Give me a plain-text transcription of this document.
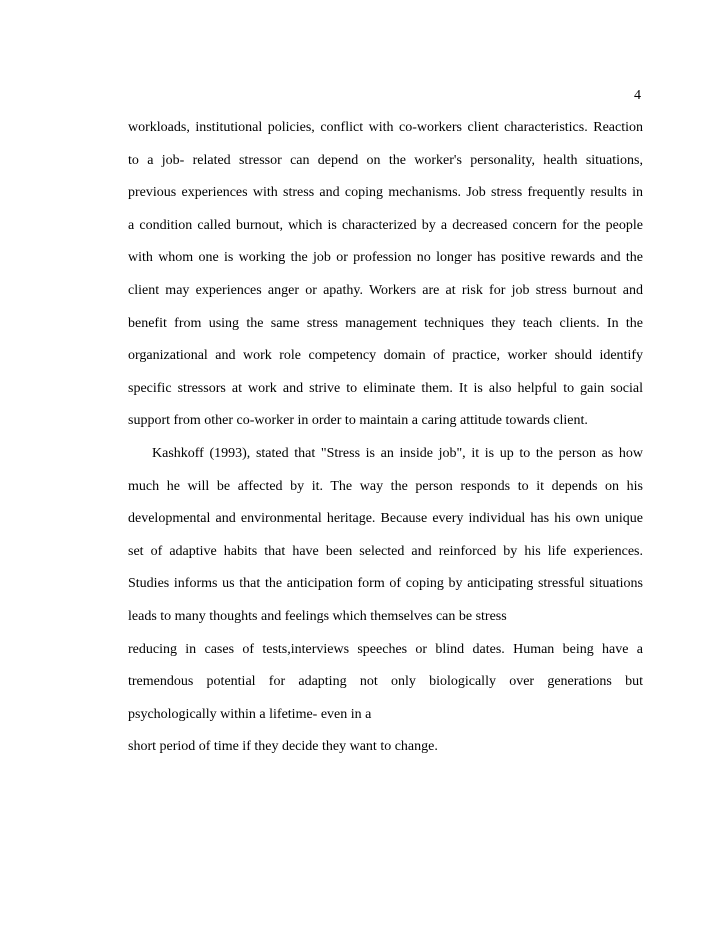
4
workloads, institutional policies, conflict with co-workers client characteristics. Reaction
to a job- related stressor can depend on the worker's personality, health situations,
previous experiences with stress and coping mechanisms. Job stress frequently results in
a condition called burnout, which is characterized by a decreased concern for the people
with whom one is working the job or profession no longer has positive rewards and the
client may experiences anger or apathy. Workers are at risk for job stress burnout and
benefit from using the same stress management techniques they teach clients. In the
organizational and work role competency domain of practice, worker should identify
specific stressors at work and strive to eliminate them. It is also helpful to gain social
support from other co-worker in order to maintain a caring attitude towards client.
Kashkoff (1993), stated that "Stress is an inside job", it is up to the person as how
much he will be affected by it. The way the person responds to it depends on his
developmental and environmental heritage. Because every individual has his own unique
set of adaptive habits that have been selected and reinforced by his life experiences.
Studies informs us that the anticipation form of coping by anticipating stressful situations
leads to many thoughts and feelings which themselves can be stress
reducing in cases of tests,interviews speeches or blind dates. Human being have a
tremendous potential for adapting not only biologically over generations but
psychologically within a lifetime- even in a
short period of time if they decide they want to change.
